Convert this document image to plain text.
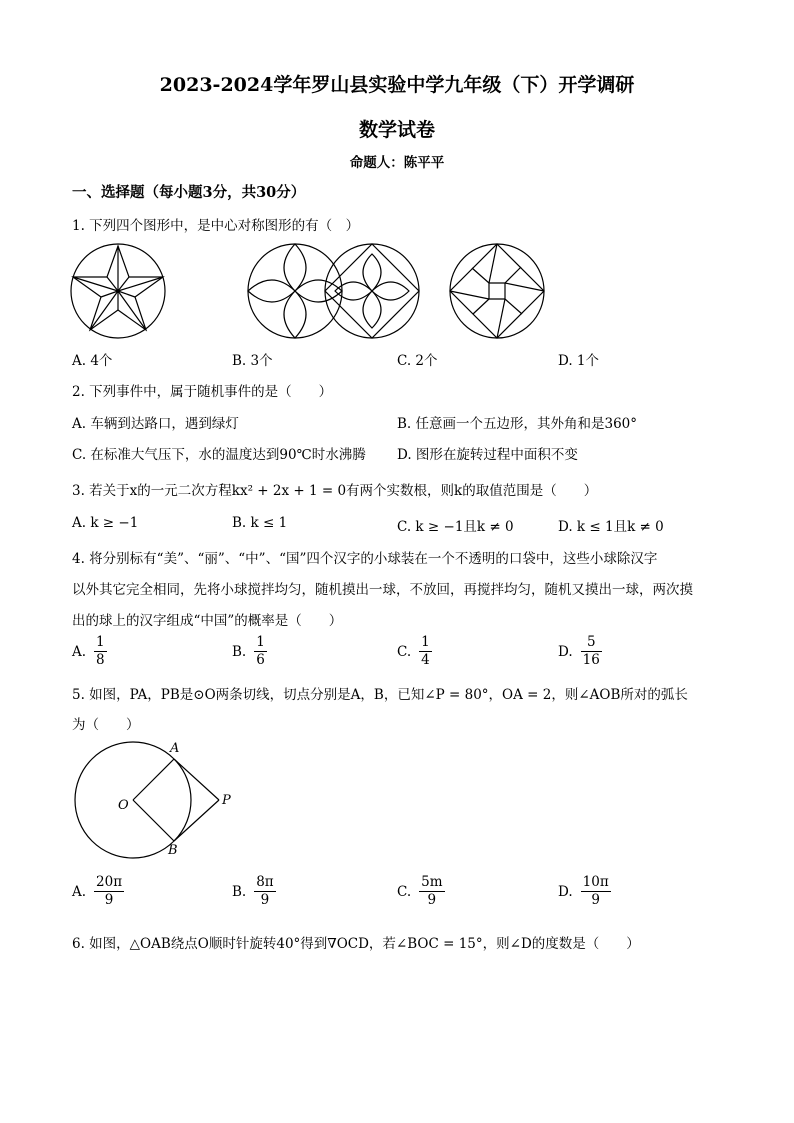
2023-2024学年罗山县实验中学九年级（下）开学调研
数学试卷
命题人：陈平平
一、选择题（每小题3分，共30分）
1. 下列四个图形中，是中心对称图形的有（　）
A. 4个	B. 3个	C. 2个	D. 1个
2. 下列事件中，属于随机事件的是（　　）
A. 车辆到达路口，遇到绿灯	B. 任意画一个五边形，其外角和是360°
C. 在标准大气压下，水的温度达到90℃时水沸腾 D. 图形在旋转过程中面积不变
3. 若关于x的一元二次方程kx² + 2x + 1 = 0有两个实数根，则k的取值范围是（　　）
A. k ≥ −1	B. k ≤ 1	C. k ≥ −1且k ≠ 0	D. k ≤ 1且k ≠ 0
4. 将分别标有“美”、“丽”、“中”、“国”四个汉字的小球装在一个不透明的口袋中，这些小球除汉字
以外其它完全相同，先将小球搅拌均匀，随机摸出一球，不放回，再搅拌均匀，随机又摸出一球，两次摸
出的球上的汉字组成“中国”的概率是（　　）
A. $\frac{1}{8}$	B. $\frac{1}{6}$	C. $\frac{1}{4}$	D. $\frac{5}{16}$
5. 如图，PA，PB是⊙O两条切线，切点分别是A，B，已知∠P = 80°，OA = 2，则∠AOB所对的弧长
为（　　）
A
O	P
B
A. $\frac{20\pi}{9}$	B. $\frac{8\pi}{9}$	C. $\frac{5m}{9}$	D. $\frac{10\pi}{9}$
6. 如图，△OAB绕点O顺时针旋转40°得到∇OCD，若∠BOC = 15°，则∠D的度数是（　　）
